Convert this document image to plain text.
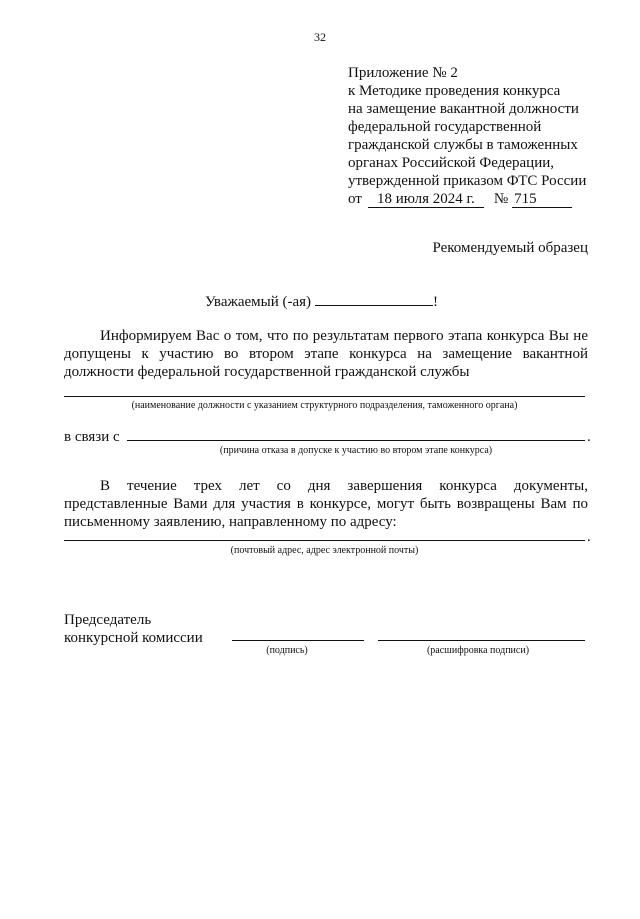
32
Приложение № 2
к Методике проведения конкурса
на замещение вакантной должности
федеральной государственной
гражданской службы в таможенных
органах Российской Федерации,
утвержденной приказом ФТС России
от 18 июля 2024 г. № 715
Рекомендуемый образец
Уважаемый (-ая)	!
Информируем Вас о том, что по результатам первого этапа конкурса Вы не допущены к участию во втором этапе конкурса на замещение вакантной должности федеральной государственной гражданской службы
(наименование должности с указанием структурного подразделения, таможенного органа)
в связи с	.
(причина отказа в допуске к участию во втором этапе конкурса)
В течение трех лет со дня завершения конкурса документы, представленные Вами для участия в конкурсе, могут быть возвращены Вам по письменному заявлению, направленному по адресу:
.
(почтовый адрес, адрес электронной почты)
Председатель
конкурсной комиссии
(подпись)	(расшифровка подписи)
